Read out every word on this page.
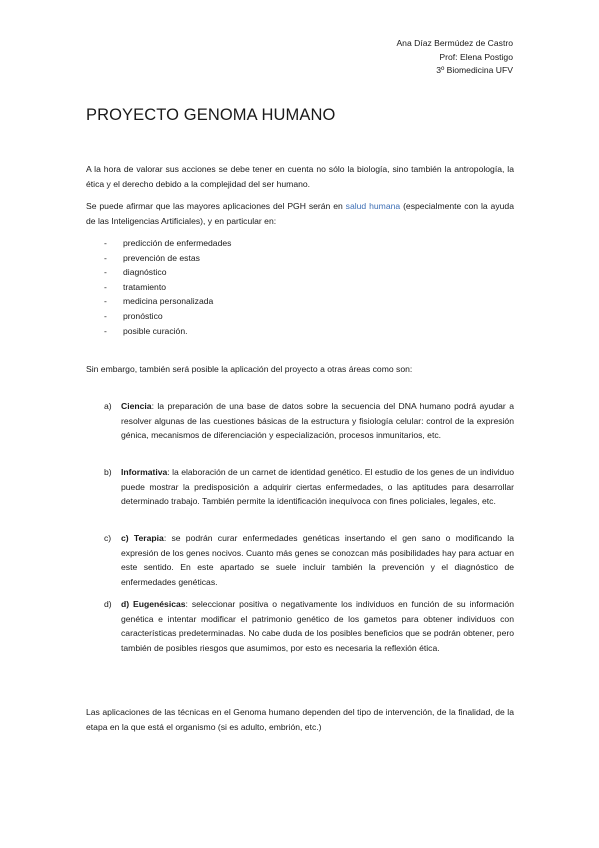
Ana Díaz Bermúdez de Castro
Prof: Elena Postigo
3º Biomedicina UFV
PROYECTO GENOMA HUMANO
A la hora de valorar sus acciones se debe tener en cuenta no sólo la biología, sino también la antropología, la ética y el derecho debido a la complejidad del ser humano.
Se puede afirmar que las mayores aplicaciones del PGH serán en salud humana (especialmente con la ayuda de las Inteligencias Artificiales), y en particular en:
- predicción de enfermedades
- prevención de estas
- diagnóstico
- tratamiento
- medicina personalizada
- pronóstico
- posible curación.
Sin embargo, también será posible la aplicación del proyecto a otras áreas como son:
a) Ciencia: la preparación de una base de datos sobre la secuencia del DNA humano podrá ayudar a resolver algunas de las cuestiones básicas de la estructura y fisiología celular: control de la expresión génica, mecanismos de diferenciación y especialización, procesos inmunitarios, etc.
b) Informativa: la elaboración de un carnet de identidad genético. El estudio de los genes de un individuo puede mostrar la predisposición a adquirir ciertas enfermedades, o las aptitudes para desarrollar determinado trabajo. También permite la identificación inequívoca con fines policiales, legales, etc.
c) c) Terapia: se podrán curar enfermedades genéticas insertando el gen sano o modificando la expresión de los genes nocivos. Cuanto más genes se conozcan más posibilidades hay para actuar en este sentido. En este apartado se suele incluir también la prevención y el diagnóstico de enfermedades genéticas.
d) d) Eugenésicas: seleccionar positiva o negativamente los individuos en función de su información genética e intentar modificar el patrimonio genético de los gametos para obtener individuos con características predeterminadas. No cabe duda de los posibles beneficios que se podrán obtener, pero también de posibles riesgos que asumimos, por esto es necesaria la reflexión ética.
Las aplicaciones de las técnicas en el Genoma humano dependen del tipo de intervención, de la finalidad, de la etapa en la que está el organismo (si es adulto, embrión, etc.)
